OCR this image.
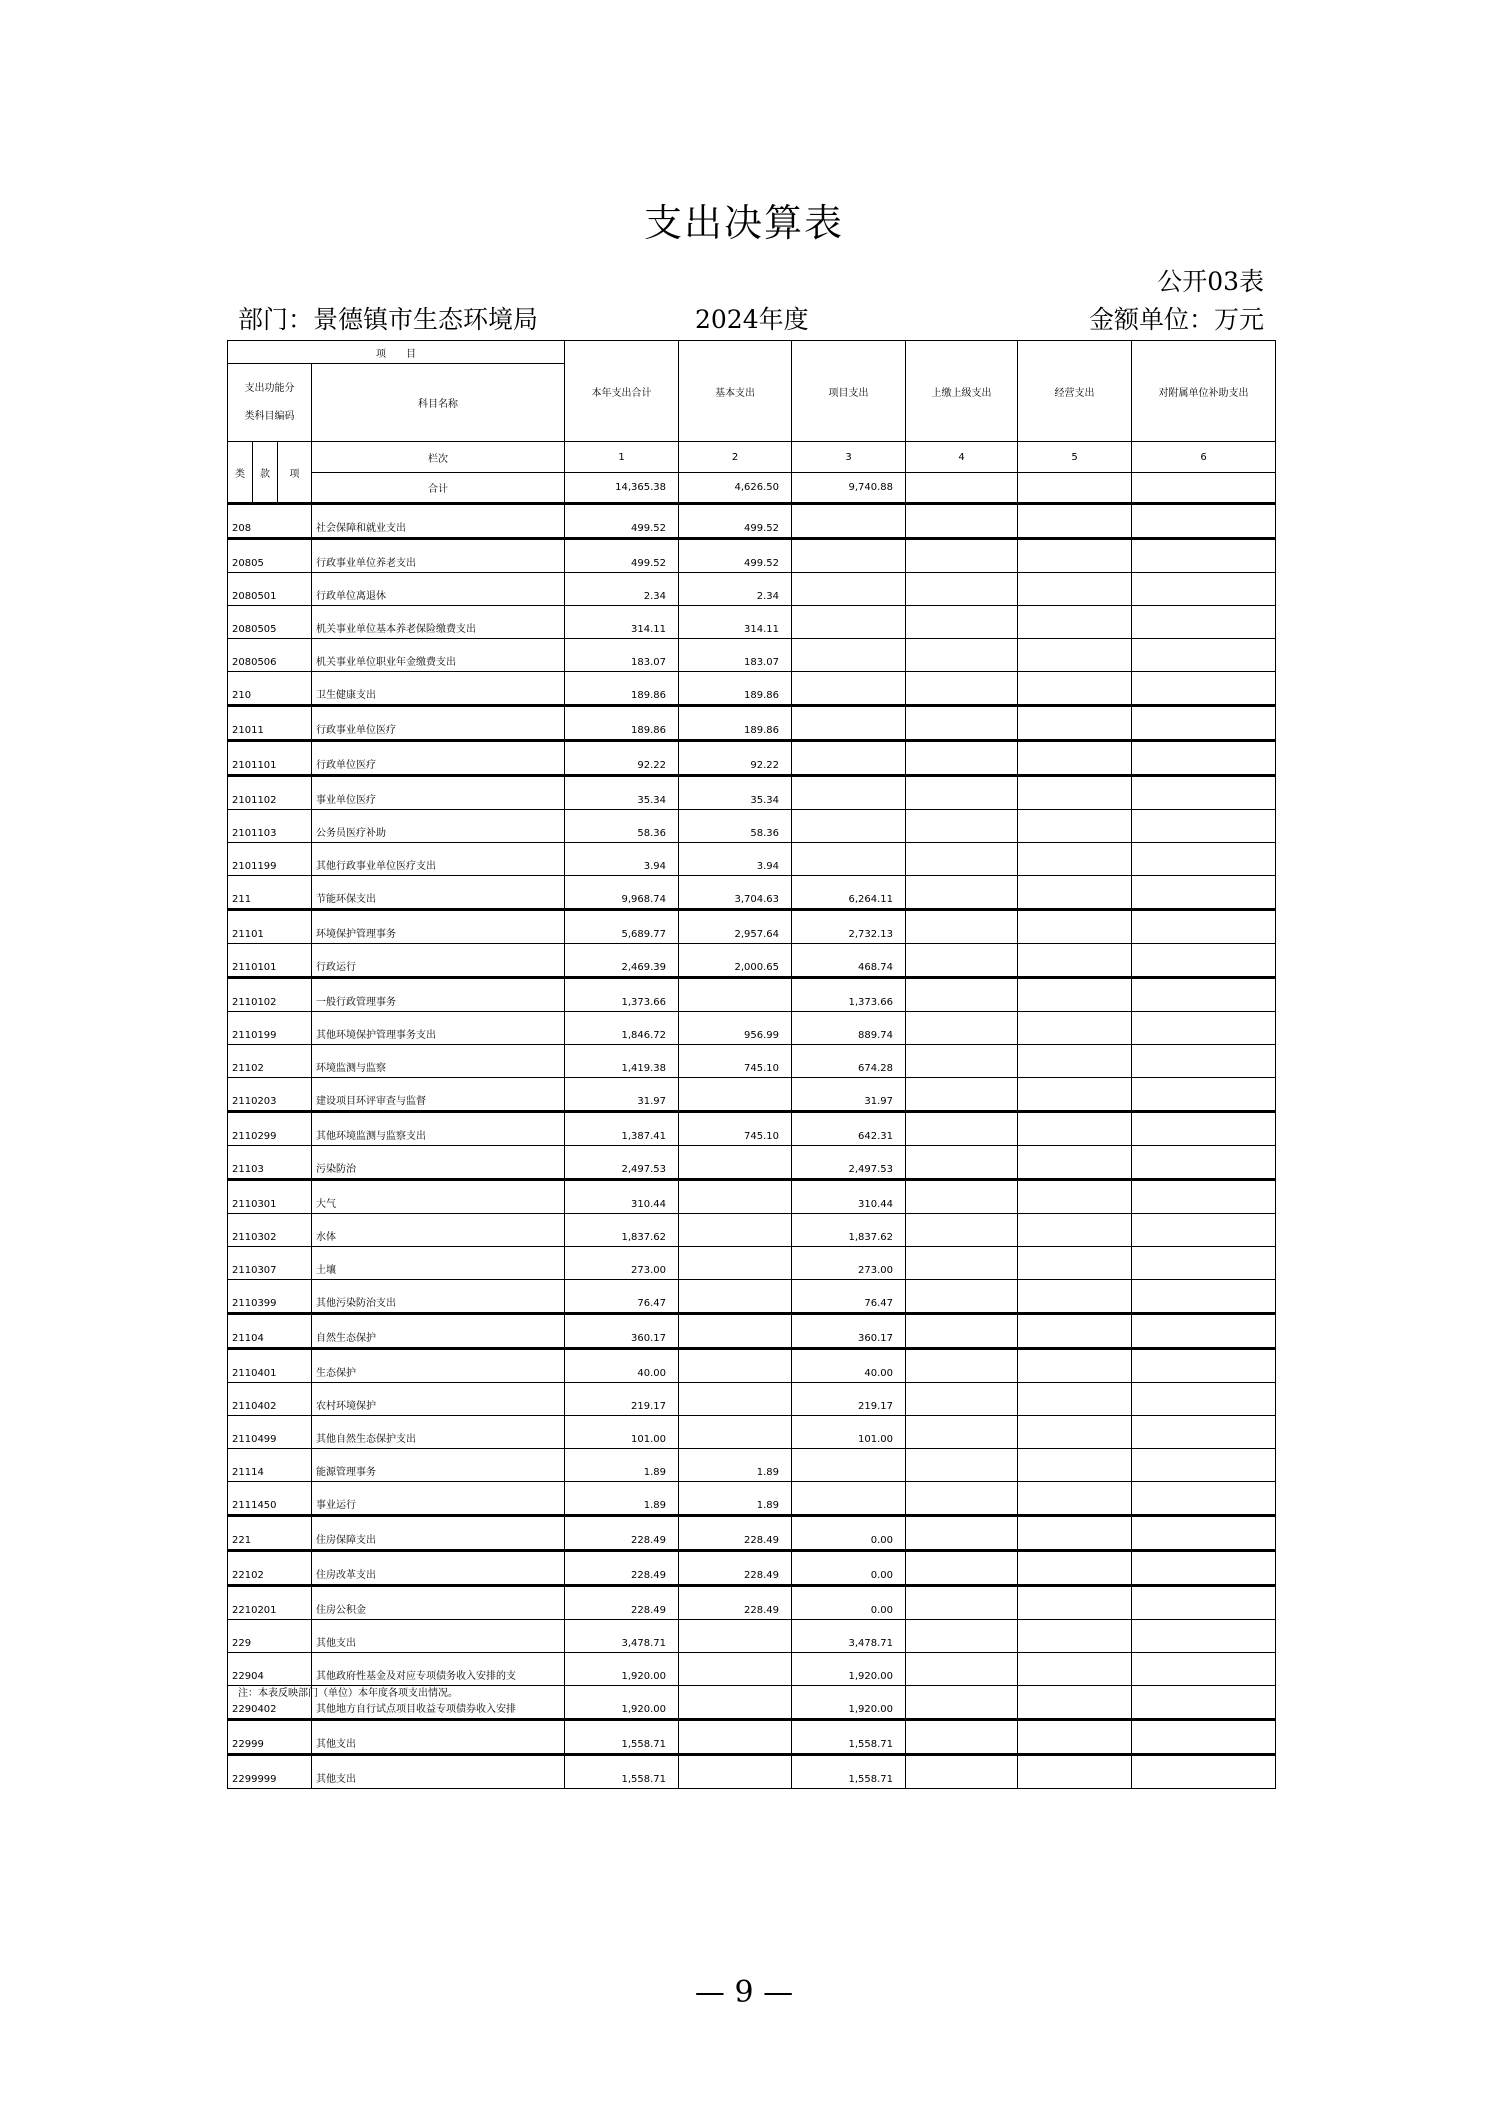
支出决算表
公开03表
部门：景德镇市生态环境局	2024年度	金额单位：万元
项　　目				本年支出合计	基本支出	项目支出	上缴上级支出	经营支出	对附属单位补助支出
支出功能分
类科目编码			科目名称						
类	款	项	栏次	1	2	3	4	5	6
			合计	14,365.38	4,626.50	9,740.88			
208			社会保障和就业支出	499.52	499.52				
20805			行政事业单位养老支出	499.52	499.52				
2080501			行政单位离退休	2.34	2.34				
2080505			机关事业单位基本养老保险缴费支出	314.11	314.11				
2080506			机关事业单位职业年金缴费支出	183.07	183.07				
210			卫生健康支出	189.86	189.86				
21011			行政事业单位医疗	189.86	189.86				
2101101			行政单位医疗	92.22	92.22				
2101102			事业单位医疗	35.34	35.34				
2101103			公务员医疗补助	58.36	58.36				
2101199			其他行政事业单位医疗支出	3.94	3.94				
211			节能环保支出	9,968.74	3,704.63	6,264.11			
21101			环境保护管理事务	5,689.77	2,957.64	2,732.13			
2110101			行政运行	2,469.39	2,000.65	468.74			
2110102			一般行政管理事务	1,373.66		1,373.66			
2110199			其他环境保护管理事务支出	1,846.72	956.99	889.74			
21102			环境监测与监察	1,419.38	745.10	674.28			
2110203			建设项目环评审查与监督	31.97		31.97			
2110299			其他环境监测与监察支出	1,387.41	745.10	642.31			
21103			污染防治	2,497.53		2,497.53			
2110301			大气	310.44		310.44			
2110302			水体	1,837.62		1,837.62			
2110307			土壤	273.00		273.00			
2110399			其他污染防治支出	76.47		76.47			
21104			自然生态保护	360.17		360.17			
2110401			生态保护	40.00		40.00			
2110402			农村环境保护	219.17		219.17			
2110499			其他自然生态保护支出	101.00		101.00			
21114			能源管理事务	1.89	1.89				
2111450			事业运行	1.89	1.89				
221			住房保障支出	228.49	228.49	0.00			
22102			住房改革支出	228.49	228.49	0.00			
2210201			住房公积金	228.49	228.49	0.00			
229			其他支出	3,478.71		3,478.71			
22904			其他政府性基金及对应专项债务收入安排的支	1,920.00		1,920.00			
2290402			其他地方自行试点项目收益专项债券收入安排	1,920.00		1,920.00			
22999			其他支出	1,558.71		1,558.71			
2299999			其他支出	1,558.71		1,558.71			
注：本表反映部门（单位）本年度各项支出情况。
— 9 —
